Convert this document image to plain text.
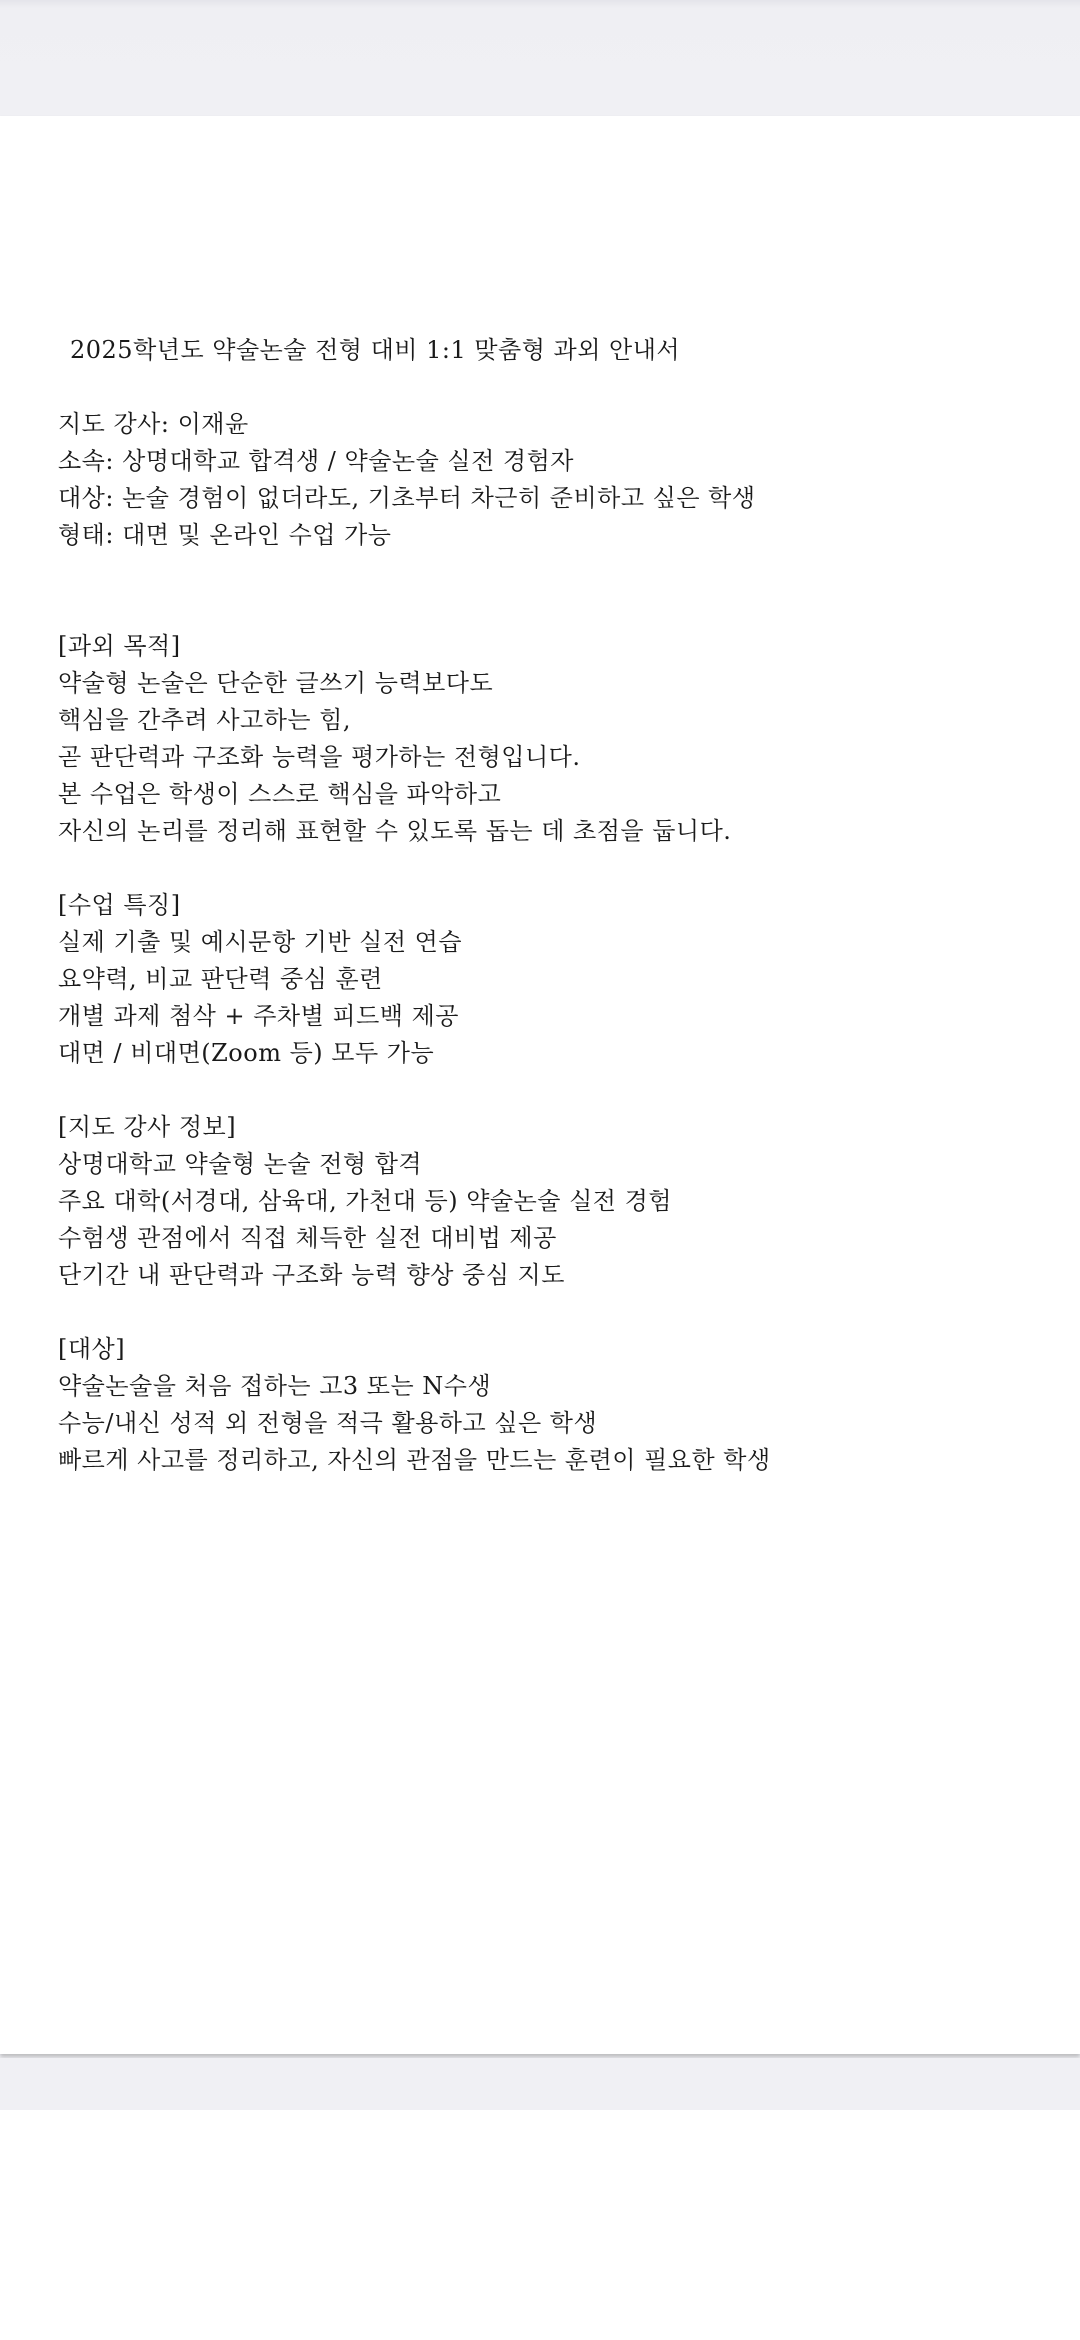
2025학년도 약술논술 전형 대비 1:1 맞춤형 과외 안내서
지도 강사: 이재윤
소속: 상명대학교 합격생 / 약술논술 실전 경험자
대상: 논술 경험이 없더라도, 기초부터 차근히 준비하고 싶은 학생
형태: 대면 및 온라인 수업 가능
[과외 목적]
약술형 논술은 단순한 글쓰기 능력보다도
핵심을 간추려 사고하는 힘,
곧 판단력과 구조화 능력을 평가하는 전형입니다.
본 수업은 학생이 스스로 핵심을 파악하고
자신의 논리를 정리해 표현할 수 있도록 돕는 데 초점을 둡니다.
[수업 특징]
실제 기출 및 예시문항 기반 실전 연습
요약력, 비교 판단력 중심 훈련
개별 과제 첨삭 + 주차별 피드백 제공
대면 / 비대면(Zoom 등) 모두 가능
[지도 강사 정보]
상명대학교 약술형 논술 전형 합격
주요 대학(서경대, 삼육대, 가천대 등) 약술논술 실전 경험
수험생 관점에서 직접 체득한 실전 대비법 제공
단기간 내 판단력과 구조화 능력 향상 중심 지도
[대상]
약술논술을 처음 접하는 고3 또는 N수생
수능/내신 성적 외 전형을 적극 활용하고 싶은 학생
빠르게 사고를 정리하고, 자신의 관점을 만드는 훈련이 필요한 학생
